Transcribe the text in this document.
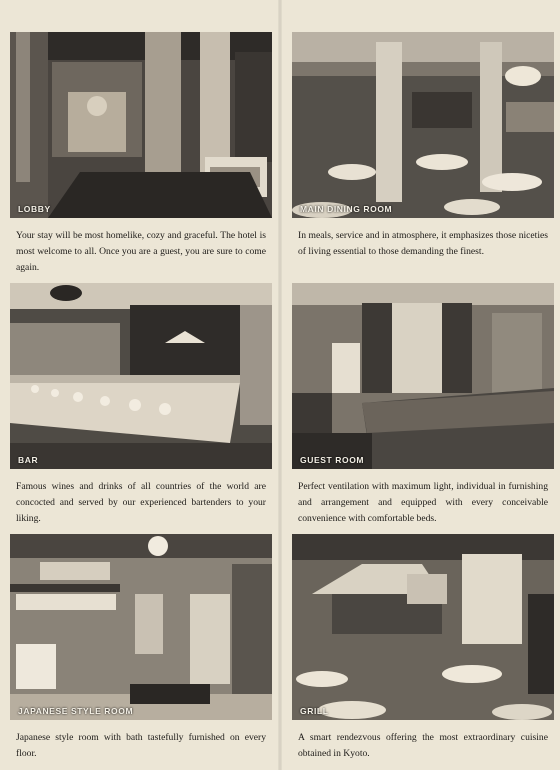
LOBBY

Your stay will be most homelike, cozy and graceful. The hotel is most welcome to all. Once you are a guest, you are sure to come again.

MAIN DINING ROOM

In meals, service and in atmosphere, it emphasizes those niceties of living essential to those demanding the finest.

BAR

Famous wines and drinks of all countries of the world are concocted and served by our experienced bartenders to your liking.

GUEST ROOM

Perfect ventilation with maximum light, individual in furnishing and arrangement and equipped with every conceivable convenience with comfortable beds.

JAPANESE STYLE ROOM

Japanese style room with bath tastefully furnished on every floor.

GRILL

A smart rendezvous offering the most extraordinary cuisine obtained in Kyoto.
